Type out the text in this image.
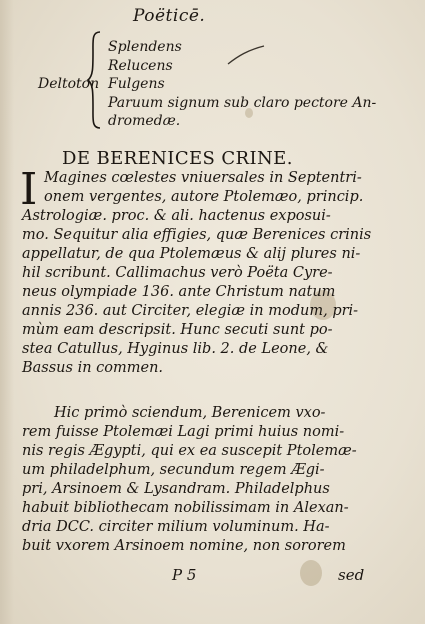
Poëticē.
Deltoton
Splendens
Relucens
Fulgens
Paruum signum sub claro pectore An-
dromedæ.
DE BERENICES CRINE.
I Magines cœlestes vniuersales in Septentri-
onem vergentes, autore Ptolemæo, princip.
Astrologiæ. proc. & ali. hactenus exposui-
mo. Sequitur alia effigies, quæ Berenices crinis
appellatur, de qua Ptolemæus & alij plures ni-
hil scribunt. Callimachus verò Poëta Cyre-
neus olympiade 136. ante Christum natum
annis 236. aut Circiter, elegiæ in modum, pri-
mùm eam descripsit. Hunc secuti sunt po-
stea Catullus, Hyginus lib. 2. de Leone, &
Bassus in commen.
Hic primò sciendum, Berenicem vxo-
rem fuisse Ptolemæi Lagi primi huius nomi-
nis regis Ægypti, qui ex ea suscepit Ptolemæ-
um philadelphum, secundum regem Ægi-
pri, Arsinoem & Lysandram. Philadelphus
habuit bibliothecam nobilissimam in Alexan-
dria DCC. circiter milium voluminum. Ha-
buit vxorem Arsinoem nomine, non sororem
P 5	sed
